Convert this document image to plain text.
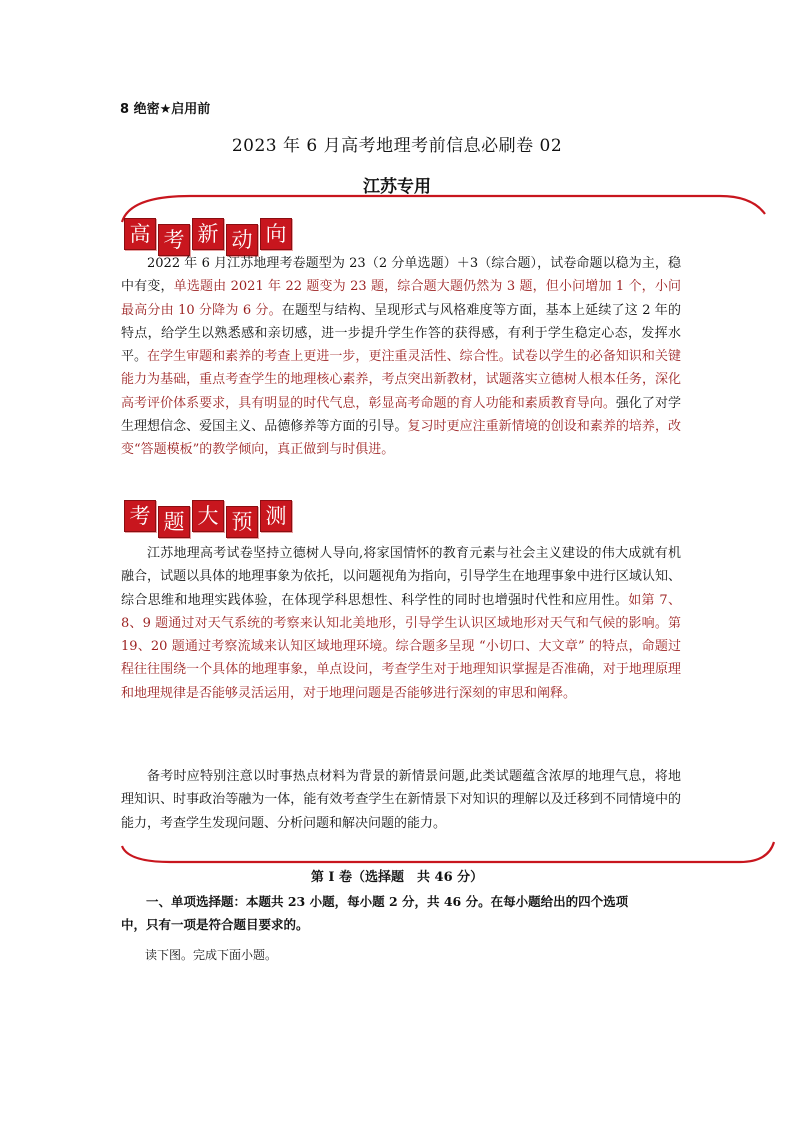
8 绝密★启用前
2023 年 6 月高考地理考前信息必刷卷 02
江苏专用
高 考 新 动 向
2022 年 6 月江苏地理考卷题型为 23（2 分单选题）＋3（综合题），试卷命题以稳为主，稳中有变，单选题由 2021 年 22 题变为 23 题，综合题大题仍然为 3 题，但小问增加 1 个，小问最高分由 10 分降为 6 分。在题型与结构、呈现形式与风格难度等方面，基本上延续了这 2 年的特点，给学生以熟悉感和亲切感，进一步提升学生作答的获得感，有利于学生稳定心态，发挥水平。在学生审题和素养的考查上更进一步，更注重灵活性、综合性。试卷以学生的必备知识和关键能力为基础，重点考查学生的地理核心素养，考点突出新教材，试题落实立德树人根本任务，深化高考评价体系要求，具有明显的时代气息，彰显高考命题的育人功能和素质教育导向。强化了对学生理想信念、爱国主义、品德修养等方面的引导。复习时更应注重新情境的创设和素养的培养，改变“答题模板”的教学倾向，真正做到与时俱进。
考 题 大 预 测
江苏地理高考试卷坚持立德树人导向,将家国情怀的教育元素与社会主义建设的伟大成就有机融合，试题以具体的地理事象为依托，以问题视角为指向，引导学生在地理事象中进行区域认知、综合思维和地理实践体验，在体现学科思想性、科学性的同时也增强时代性和应用性。如第 7、8、9 题通过对天气系统的考察来认知北美地形，引导学生认识区域地形对天气和气候的影响。第 19、20 题通过考察流域来认知区域地理环境。综合题多呈现 “小切口、大文章” 的特点，命题过程往往围绕一个具体的地理事象，单点设问，考查学生对于地理知识掌握是否准确，对于地理原理和地理规律是否能够灵活运用，对于地理问题是否能够进行深刻的审思和阐释。
备考时应特别注意以时事热点材料为背景的新情景问题,此类试题蕴含浓厚的地理气息，将地理知识、时事政治等融为一体，能有效考查学生在新情景下对知识的理解以及迁移到不同情境中的能力，考查学生发现问题、分析问题和解决问题的能力。
第 I 卷（选择题　共 46 分）
一、单项选择题：本题共 23 小题，每小题 2 分，共 46 分。在每小题给出的四个选项中，只有一项是符合题目要求的。
读下图。完成下面小题。
